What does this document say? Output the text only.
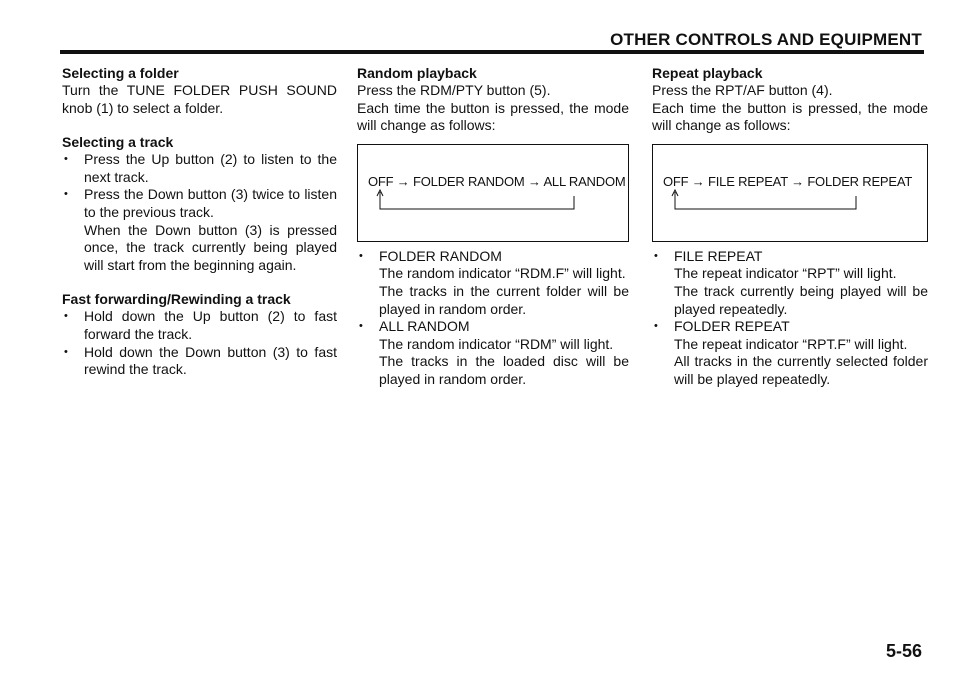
OTHER CONTROLS AND EQUIPMENT
Selecting a folder

Turn the TUNE FOLDER PUSH SOUND knob (1) to select a folder.

Selecting a track
• Press the Up button (2) to listen to the next track.
• Press the Down button (3) twice to listen to the previous track.
When the Down button (3) is pressed once, the track currently being played will start from the beginning again.
Fast forwarding/Rewinding a track
• Hold down the Up button (2) to fast forward the track.
• Hold down the Down button (3) to fast rewind the track.
Random playback

Press the RDM/PTY button (5).

Each time the button is pressed, the mode will change as follows:

OFF → FOLDER RANDOM → ALL RANDOM
• FOLDER RANDOM
The random indicator “RDM.F” will light.
The tracks in the current folder will be played in random order.
• ALL RANDOM
The random indicator “RDM” will light.
The tracks in the loaded disc will be played in random order.
Repeat playback

Press the RPT/AF button (4).

Each time the button is pressed, the mode will change as follows:

OFF → FILE REPEAT → FOLDER REPEAT
• FILE REPEAT
The repeat indicator “RPT” will light.
The track currently being played will be played repeatedly.
• FOLDER REPEAT
The repeat indicator “RPT.F” will light.
All tracks in the currently selected folder will be played repeatedly.
5-56
